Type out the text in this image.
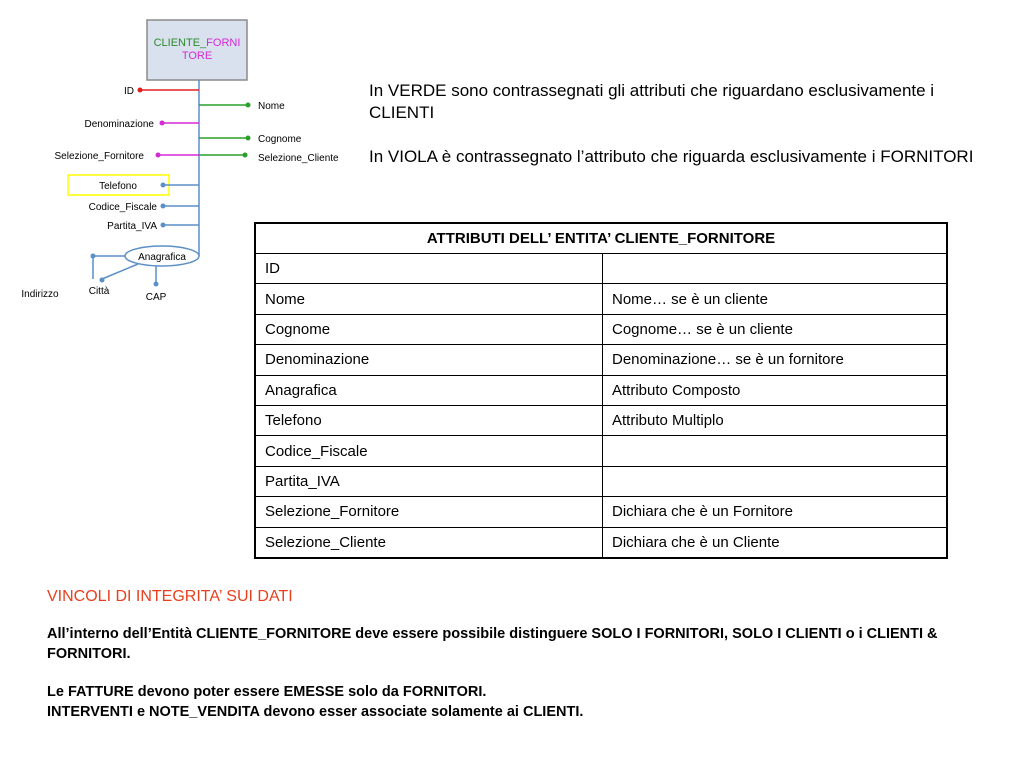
CLIENTE_FORNI
TORE
ID
Nome
Denominazione
Cognome
Selezione_Fornitore	Selezione_Cliente
Telefono
Codice_Fiscale
Partita_IVA
Anagrafica
Indirizzo	Città
CAP

In VERDE sono contrassegnati gli attributi che riguardano esclusivamente i CLIENTI

In VIOLA è contrassegnato l’attributo che riguarda esclusivamente i FORNITORI

ATTRIBUTI DELL’ ENTITA’ CLIENTE_FORNITORE	
ID	
Nome	Nome… se è un cliente
Cognome	Cognome… se è un cliente
Denominazione	Denominazione… se è un fornitore
Anagrafica	Attributo Composto
Telefono	Attributo Multiplo
Codice_Fiscale	
Partita_IVA	
Selezione_Fornitore	Dichiara che è un Fornitore
Selezione_Cliente	Dichiara che è un Cliente

VINCOLI DI INTEGRITA’ SUI DATI

All’interno dell’Entità CLIENTE_FORNITORE deve essere possibile distinguere SOLO I FORNITORI, SOLO I CLIENTI o i CLIENTI & FORNITORI.

Le FATTURE devono poter essere EMESSE solo da FORNITORI.
INTERVENTI e NOTE_VENDITA devono esser associate solamente ai CLIENTI.
